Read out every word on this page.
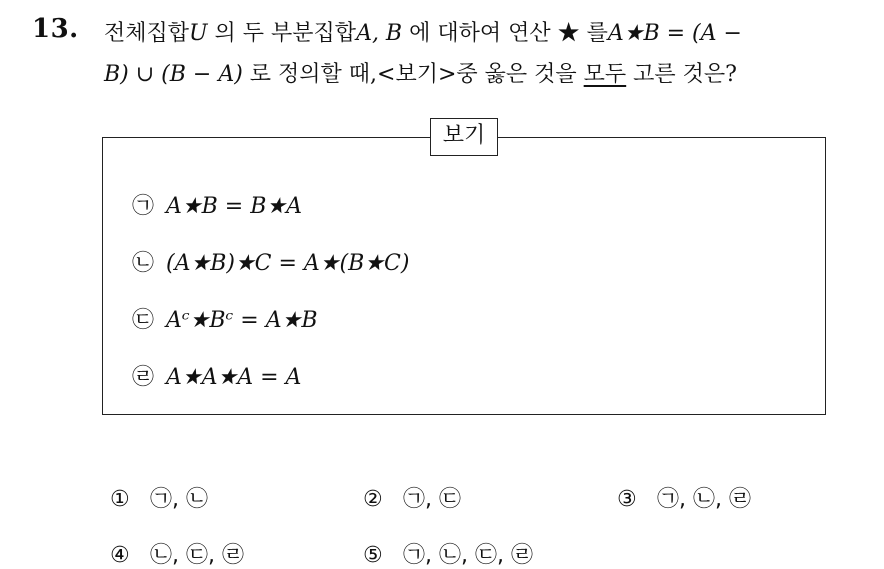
13. 전체집합U 의 두 부분집합A, B 에 대하여 연산 ★ 를A★B = (A −
B) ∪ (B − A) 로 정의할 때,<보기>중 옳은 것을 모두 고른 것은?
보기
㉠ A★B = B★A
㉡ (A★B)★C = A★(B★C)
㉢ Aᶜ★Bᶜ = A★B
㉣ A★A★A = A
① ㉠, ㉡	② ㉠, ㉢	③ ㉠, ㉡, ㉣
④ ㉡, ㉢, ㉣	⑤ ㉠, ㉡, ㉢, ㉣
